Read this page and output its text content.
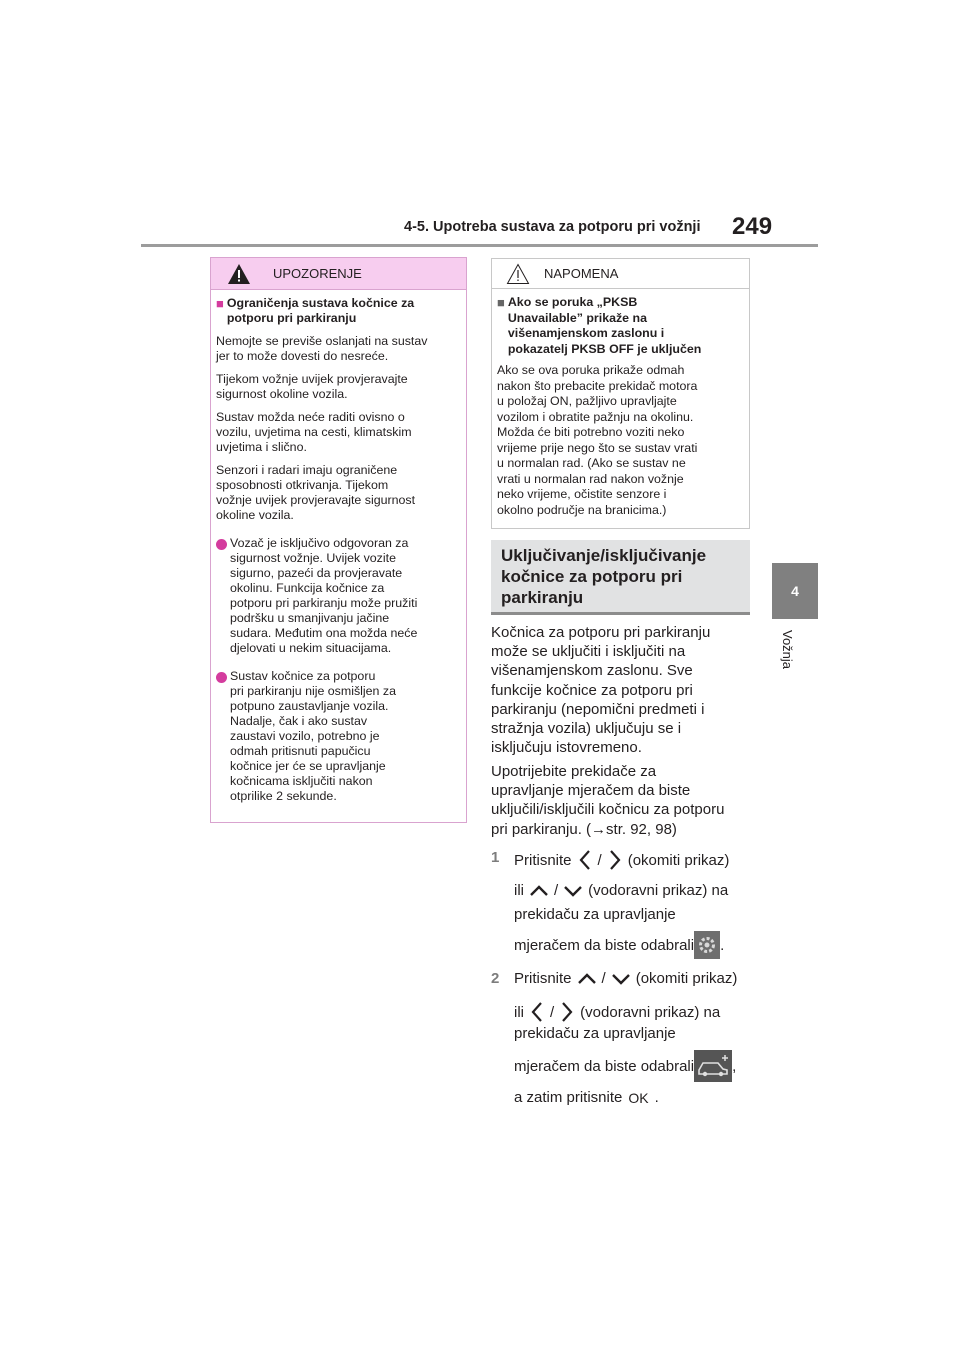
4-5. Upotreba sustava za potporu pri vožnji 249
4
Vožnja
UPOZORENJE
■ Ograničenja sustava kočnice za
potporu pri parkiranju
Nemojte se previše oslanjati na sustav
jer to može dovesti do nesreće.
Tijekom vožnje uvijek provjeravajte
sigurnost okoline vozila.
Sustav možda neće raditi ovisno o
vozilu, uvjetima na cesti, klimatskim
uvjetima i slično.
Senzori i radari imaju ograničene
sposobnosti otkrivanja. Tijekom
vožnje uvijek provjeravajte sigurnost
okoline vozila.
Vozač je isključivo odgovoran za
sigurnost vožnje. Uvijek vozite
sigurno, pazeći da provjeravate
okolinu. Funkcija kočnice za
potporu pri parkiranju može pružiti
podršku u smanjivanju jačine
sudara. Međutim ona možda neće
djelovati u nekim situacijama.
Sustav kočnice za potporu
pri parkiranju nije osmišljen za
potpuno zaustavljanje vozila.
Nadalje, čak i ako sustav
zaustavi vozilo, potrebno je
odmah pritisnuti papučicu
kočnice jer će se upravljanje
kočnicama isključiti nakon
otprilike 2 sekunde.
NAPOMENA
■ Ako se poruka „PKSB
Unavailable” prikaže na
višenamjenskom zaslonu i
pokazatelj PKSB OFF je uključen
Ako se ova poruka prikaže odmah
nakon što prebacite prekidač motora
u položaj ON, pažljivo upravljajte
vozilom i obratite pažnju na okolinu.
Možda će biti potrebno voziti neko
vrijeme prije nego što se sustav vrati
u normalan rad. (Ako se sustav ne
vrati u normalan rad nakon vožnje
neko vrijeme, očistite senzore i
okolno područje na branicima.)
Uključivanje/isključivanje
kočnice za potporu pri
parkiranju
Kočnica za potporu pri parkiranju
može se uključiti i isključiti na
višenamjenskom zaslonu. Sve
funkcije kočnice za potporu pri
parkiranju (nepomični predmeti i
stražnja vozila) uključuju se i
isključuju istovremeno.
Upotrijebite prekidače za
upravljanje mjeračem da biste
uključili/isključili kočnicu za potporu
pri parkiranju. (→str. 92, 98)
1 Pritisnite / (okomiti prikaz)
ili / (vodoravni prikaz) na
prekidaču za upravljanje
mjeračem da biste odabrali .
2 Pritisnite / (okomiti prikaz)
ili / (vodoravni prikaz) na
prekidaču za upravljanje
mjeračem da biste odabrali	,
a zatim pritisnite OK .
